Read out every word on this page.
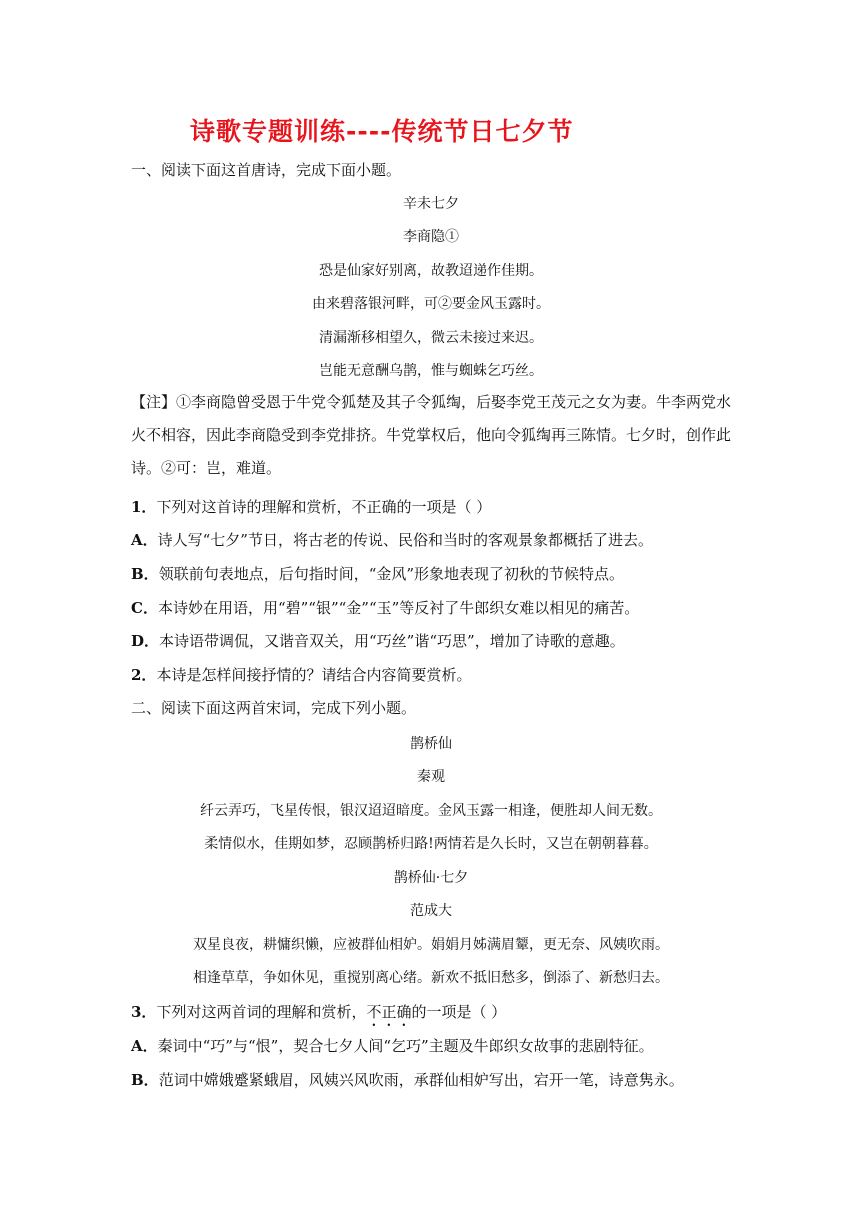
诗歌专题训练----传统节日七夕节
一、阅读下面这首唐诗，完成下面小题。
辛未七夕
李商隐①
恐是仙家好别离，故教迢递作佳期。
由来碧落银河畔，可②要金风玉露时。
清漏渐移相望久，微云未接过来迟。
岂能无意酬乌鹊，惟与蜘蛛乞巧丝。
【注】①李商隐曾受恩于牛党令狐楚及其子令狐绹，后娶李党王茂元之女为妻。牛李两党水火不相容，因此李商隐受到李党排挤。牛党掌权后，他向令狐绹再三陈情。七夕时，创作此诗。②可：岂，难道。
1．下列对这首诗的理解和赏析，不正确的一项是（ ）
A．诗人写“七夕”节日，将古老的传说、民俗和当时的客观景象都概括了进去。
B．领联前句表地点，后句指时间，“金风”形象地表现了初秋的节候特点。
C．本诗妙在用语，用“碧”“银”“金”“玉”等反衬了牛郎织女难以相见的痛苦。
D．本诗语带调侃，又谐音双关，用“巧丝”谐“巧思”，增加了诗歌的意趣。
2．本诗是怎样间接抒情的？请结合内容简要赏析。
二、阅读下面这两首宋词，完成下列小题。
鹊桥仙
秦观
纤云弄巧，飞星传恨，银汉迢迢暗度。金风玉露一相逢，便胜却人间无数。
柔情似水，佳期如梦，忍顾鹊桥归路!两情若是久长时，又岂在朝朝暮暮。
鹊桥仙·七夕
范成大
双星良夜，耕慵织懒，应被群仙相妒。娟娟月姊满眉颦，更无奈、风姨吹雨。
相逢草草，争如休见，重搅别离心绪。新欢不抵旧愁多，倒添了、新愁归去。
3．下列对这两首词的理解和赏析，不正确的一项是（ ）
A．秦词中“巧”与“恨”，契合七夕人间“乞巧”主题及牛郎织女故事的悲剧特征。
B．范词中嫦娥蹙紧蛾眉，风姨兴风吹雨，承群仙相妒写出，宕开一笔，诗意隽永。
